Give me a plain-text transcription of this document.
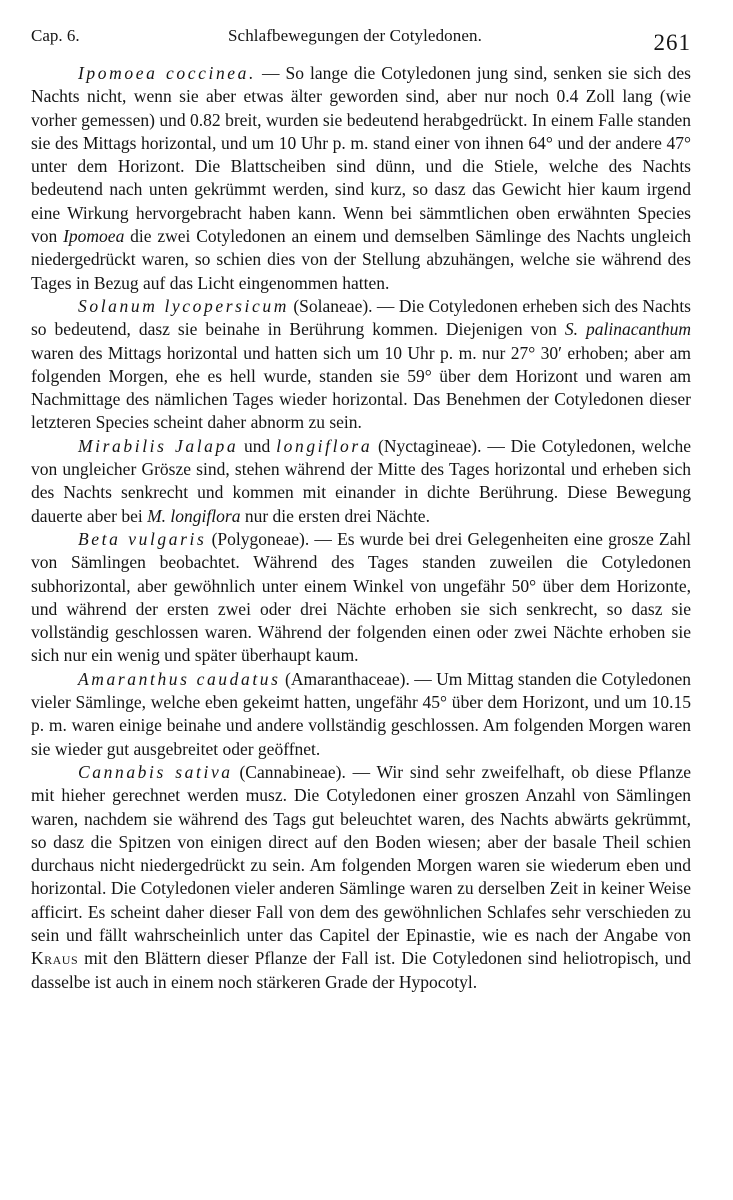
Cap. 6.	Schlafbewegungen der Cotyledonen.	261

Ipomoea coccinea. — So lange die Cotyledonen jung sind, senken sie sich des Nachts nicht, wenn sie aber etwas älter geworden sind, aber nur noch 0.4 Zoll lang (wie vorher gemessen) und 0.82 breit, wurden sie bedeutend herabgedrückt. In einem Falle standen sie des Mittags horizontal, und um 10 Uhr p. m. stand einer von ihnen 64° und der andere 47° unter dem Horizont. Die Blattscheiben sind dünn, und die Stiele, welche des Nachts bedeutend nach unten gekrümmt werden, sind kurz, so dasz das Gewicht hier kaum irgend eine Wirkung hervorgebracht haben kann. Wenn bei sämmtlichen oben erwähnten Species von Ipomoea die zwei Cotyledonen an einem und demselben Sämlinge des Nachts ungleich niedergedrückt waren, so schien dies von der Stellung abzuhängen, welche sie während des Tages in Bezug auf das Licht eingenommen hatten.

Solanum lycopersicum (Solaneae). — Die Cotyledonen erheben sich des Nachts so bedeutend, dasz sie beinahe in Berührung kommen. Diejenigen von S. palinacanthum waren des Mittags horizontal und hatten sich um 10 Uhr p. m. nur 27° 30′ erhoben; aber am folgenden Morgen, ehe es hell wurde, standen sie 59° über dem Horizont und waren am Nachmittage des nämlichen Tages wieder horizontal. Das Benehmen der Cotyledonen dieser letzteren Species scheint daher abnorm zu sein.

Mirabilis Jalapa und longiflora (Nyctagineae). — Die Cotyledonen, welche von ungleicher Grösze sind, stehen während der Mitte des Tages horizontal und erheben sich des Nachts senkrecht und kommen mit einander in dichte Berührung. Diese Bewegung dauerte aber bei M. longiflora nur die ersten drei Nächte.

Beta vulgaris (Polygoneae). — Es wurde bei drei Gelegenheiten eine grosze Zahl von Sämlingen beobachtet. Während des Tages standen zuweilen die Cotyledonen subhorizontal, aber gewöhnlich unter einem Winkel von ungefähr 50° über dem Horizonte, und während der ersten zwei oder drei Nächte erhoben sie sich senkrecht, so dasz sie vollständig geschlossen waren. Während der folgenden einen oder zwei Nächte erhoben sie sich nur ein wenig und später überhaupt kaum.

Amaranthus caudatus (Amaranthaceae). — Um Mittag standen die Cotyledonen vieler Sämlinge, welche eben gekeimt hatten, ungefähr 45° über dem Horizont, und um 10.15 p. m. waren einige beinahe und andere vollständig geschlossen. Am folgenden Morgen waren sie wieder gut ausgebreitet oder geöffnet.

Cannabis sativa (Cannabineae). — Wir sind sehr zweifelhaft, ob diese Pflanze mit hieher gerechnet werden musz. Die Cotyledonen einer groszen Anzahl von Sämlingen waren, nachdem sie während des Tags gut beleuchtet waren, des Nachts abwärts gekrümmt, so dasz die Spitzen von einigen direct auf den Boden wiesen; aber der basale Theil schien durchaus nicht niedergedrückt zu sein. Am folgenden Morgen waren sie wiederum eben und horizontal. Die Cotyledonen vieler anderen Sämlinge waren zu derselben Zeit in keiner Weise afficirt. Es scheint daher dieser Fall von dem des gewöhnlichen Schlafes sehr verschieden zu sein und fällt wahrscheinlich unter das Capitel der Epinastie, wie es nach der Angabe von Kraus mit den Blättern dieser Pflanze der Fall ist. Die Cotyledonen sind heliotropisch, und dasselbe ist auch in einem noch stärkeren Grade der Hypocotyl.
